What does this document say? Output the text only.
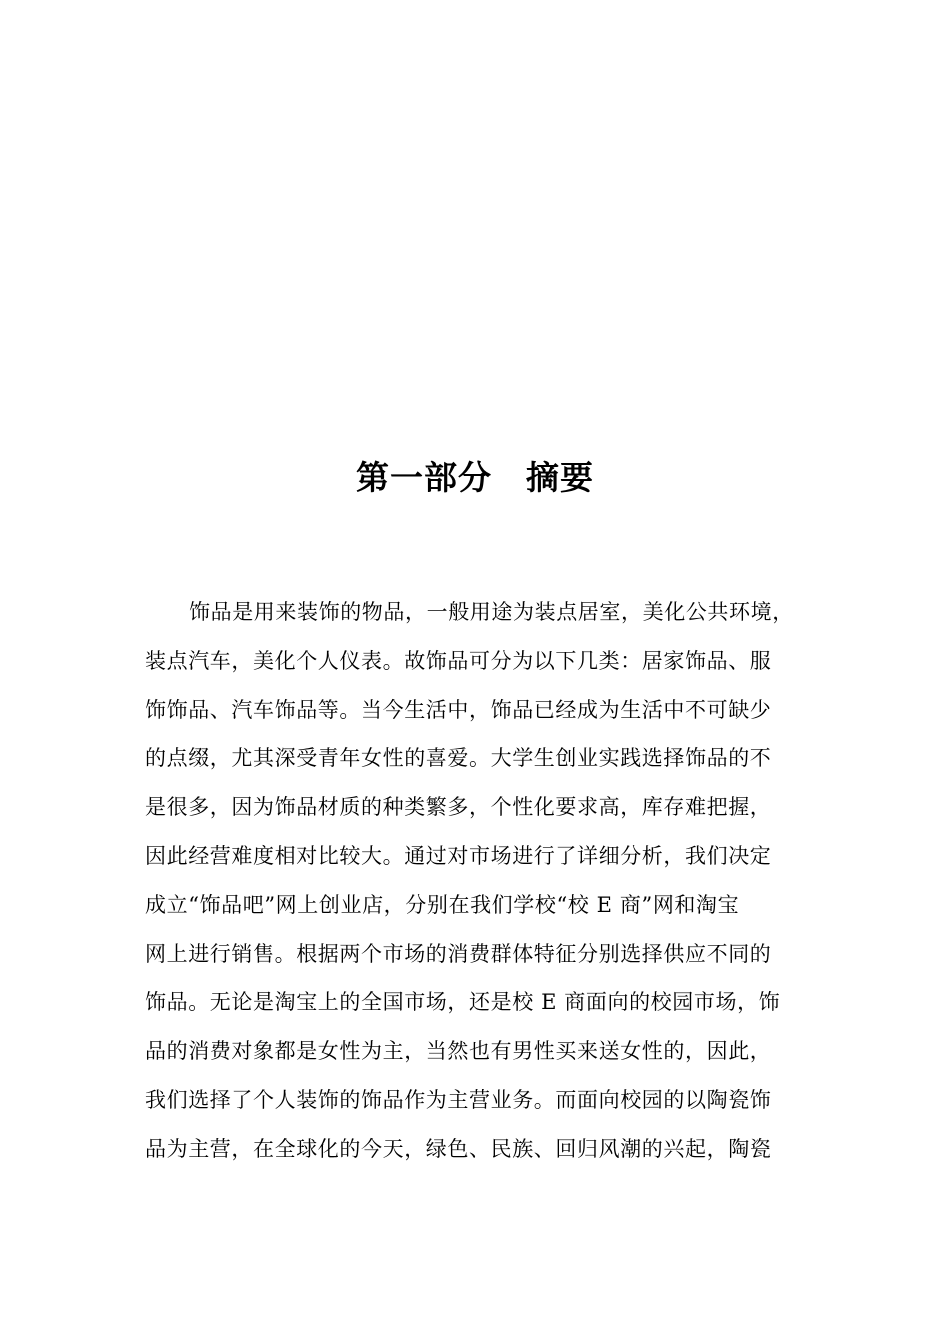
第一部分 摘要
饰品是用来装饰的物品，一般用途为装点居室，美化公共环境，
装点汽车，美化个人仪表。故饰品可分为以下几类：居家饰品、服
饰饰品、汽车饰品等。当今生活中，饰品已经成为生活中不可缺少
的点缀，尤其深受青年女性的喜爱。大学生创业实践选择饰品的不
是很多，因为饰品材质的种类繁多，个性化要求高，库存难把握，
因此经营难度相对比较大。通过对市场进行了详细分析，我们决定
成立“饰品吧”网上创业店，分别在我们学校“校 E 商”网和淘宝
网上进行销售。根据两个市场的消费群体特征分别选择供应不同的
饰品。无论是淘宝上的全国市场，还是校 E 商面向的校园市场，饰
品的消费对象都是女性为主，当然也有男性买来送女性的，因此，
我们选择了个人装饰的饰品作为主营业务。而面向校园的以陶瓷饰
品为主营，在全球化的今天，绿色、民族、回归风潮的兴起，陶瓷
